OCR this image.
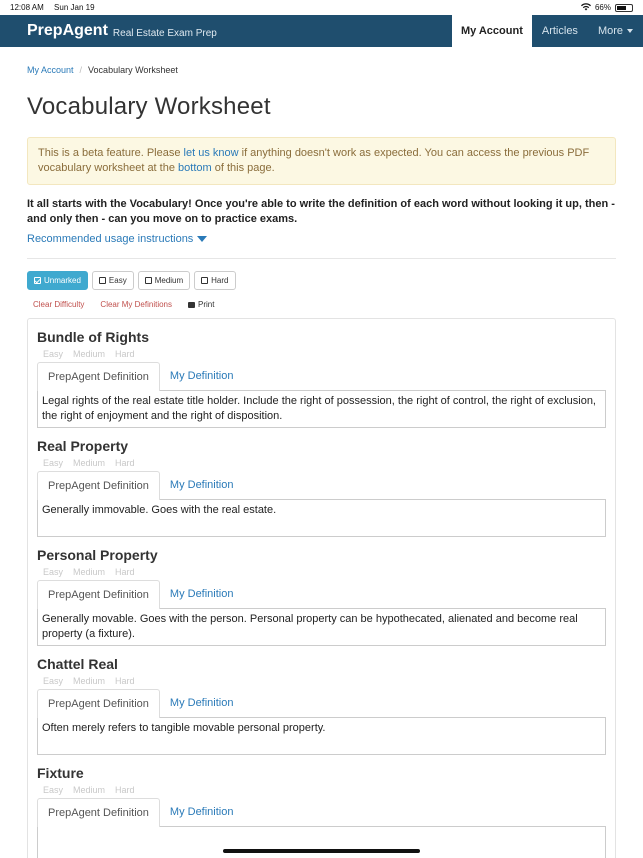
12:08 AM Sun Jan 19	66%
PrepAgent Real Estate Exam Prep	My Account	Articles	More
My Account / Vocabulary Worksheet
Vocabulary Worksheet
This is a beta feature. Please let us know if anything doesn't work as expected. You can access the previous PDF vocabulary worksheet at the bottom of this page.
It all starts with the Vocabulary! Once you're able to write the definition of each word without looking it up, then - and only then - can you move on to practice exams.
Recommended usage instructions
Unmarked	Easy	Medium	Hard
Clear Difficulty Clear My Definitions	Print
Bundle of Rights
Easy Medium Hard
PrepAgent Definition	My Definition
Legal rights of the real estate title holder. Include the right of possession, the right of control, the right of exclusion, the right of enjoyment and the right of disposition.
Real Property
Easy Medium Hard
PrepAgent Definition	My Definition
Generally immovable. Goes with the real estate.
Personal Property
Easy Medium Hard
PrepAgent Definition	My Definition
Generally movable. Goes with the person. Personal property can be hypothecated, alienated and become real property (a fixture).
Chattel Real
Easy Medium Hard
PrepAgent Definition	My Definition
Often merely refers to tangible movable personal property.
Fixture
Easy Medium Hard
PrepAgent Definition	My Definition
